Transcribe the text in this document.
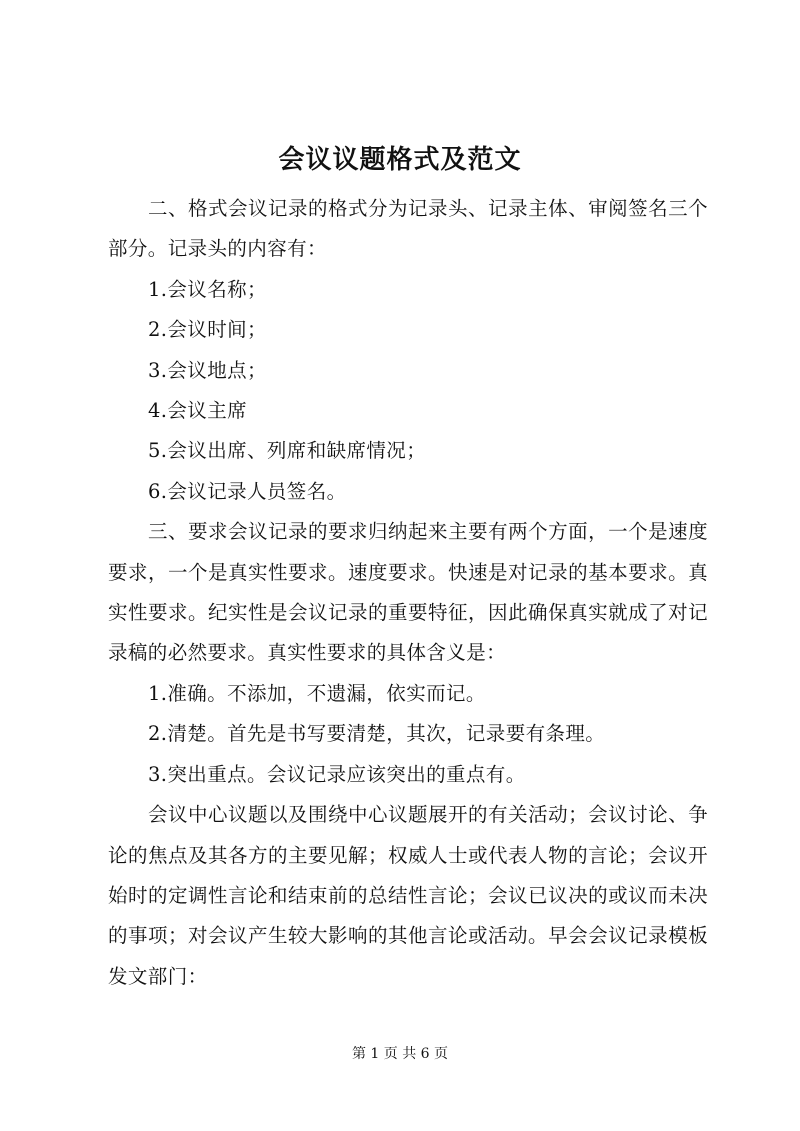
会议议题格式及范文

二、格式会议记录的格式分为记录头、记录主体、审阅签名三个部分。记录头的内容有：

1.会议名称；

2.会议时间；

3.会议地点；

4.会议主席

5.会议出席、列席和缺席情况；

6.会议记录人员签名。

三、要求会议记录的要求归纳起来主要有两个方面，一个是速度要求，一个是真实性要求。速度要求。快速是对记录的基本要求。真实性要求。纪实性是会议记录的重要特征，因此确保真实就成了对记录稿的必然要求。真实性要求的具体含义是：

1.准确。不添加，不遗漏，依实而记。

2.清楚。首先是书写要清楚，其次，记录要有条理。

3.突出重点。会议记录应该突出的重点有。

会议中心议题以及围绕中心议题展开的有关活动；会议讨论、争论的焦点及其各方的主要见解；权威人士或代表人物的言论；会议开始时的定调性言论和结束前的总结性言论；会议已议决的或议而未决的事项；对会议产生较大影响的其他言论或活动。早会会议记录模板发文部门：

第 1 页 共 6 页
